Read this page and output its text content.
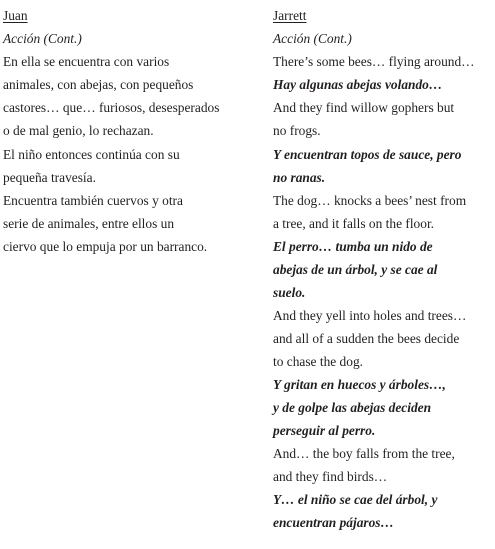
Juan
Acción (Cont.)
En ella se encuentra con varios
animales, con abejas, con pequeños
castores… que… furiosos, desesperados
o de mal genio, lo rechazan.
El niño entonces continúa con su
pequeña travesía.
Encuentra también cuervos y otra
serie de animales, entre ellos un
ciervo que lo empuja por un barranco.
Jarrett
Acción (Cont.)
There’s some bees… flying around…
Hay algunas abejas volando…
And they find willow gophers but
no frogs.
Y encuentran topos de sauce, pero
no ranas.
The dog… knocks a bees’ nest from
a tree, and it falls on the floor.
El perro… tumba un nido de
abejas de un árbol, y se cae al
suelo.
And they yell into holes and trees…
and all of a sudden the bees decide
to chase the dog.
Y gritan en huecos y árboles…,
y de golpe las abejas deciden
perseguir al perro.
And… the boy falls from the tree,
and they find birds…
Y… el niño se cae del árbol, y
encuentran pájaros…
